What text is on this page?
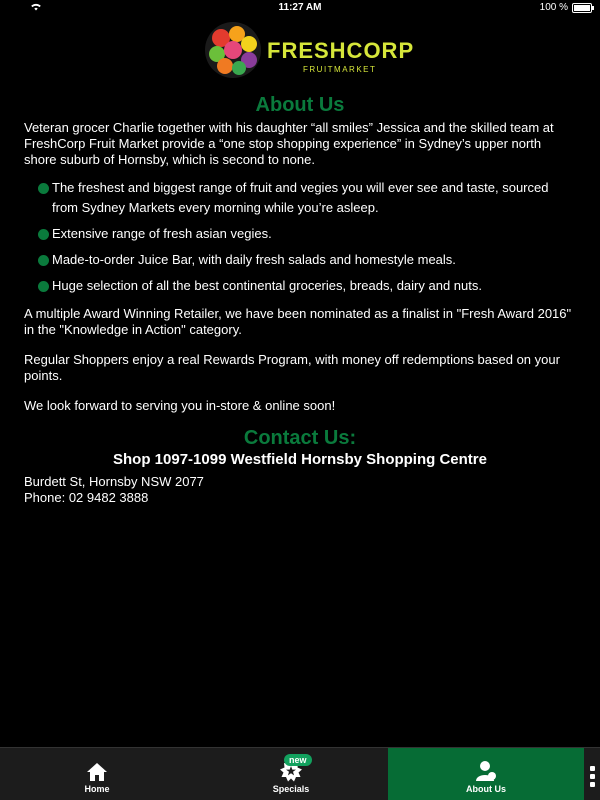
11:27 AM	100 %
FRESHCORP
FRUITMARKET
About Us

Veteran grocer Charlie together with his daughter “all smiles” Jessica and the skilled team at FreshCorp Fruit Market provide a “one stop shopping experience” in Sydney’s upper north shore suburb of Hornsby, which is second to none.

The freshest and biggest range of fruit and vegies you will ever see and taste, sourced from Sydney Markets every morning while you’re asleep.
Extensive range of fresh asian vegies.
Made-to-order Juice Bar, with daily fresh salads and homestyle meals.
Huge selection of all the best continental groceries, breads, dairy and nuts.

A multiple Award Winning Retailer, we have been nominated as a finalist in "Fresh Award 2016" in the "Knowledge in Action" category.

Regular Shoppers enjoy a real Rewards Program, with money off redemptions based on your points.

We look forward to serving you in-store & online soon!

Contact Us:
Shop 1097-1099 Westfield Hornsby Shopping Centre
Burdett St, Hornsby NSW 2077
Phone: 02 9482 3888
Home
new
Specials	About Us
